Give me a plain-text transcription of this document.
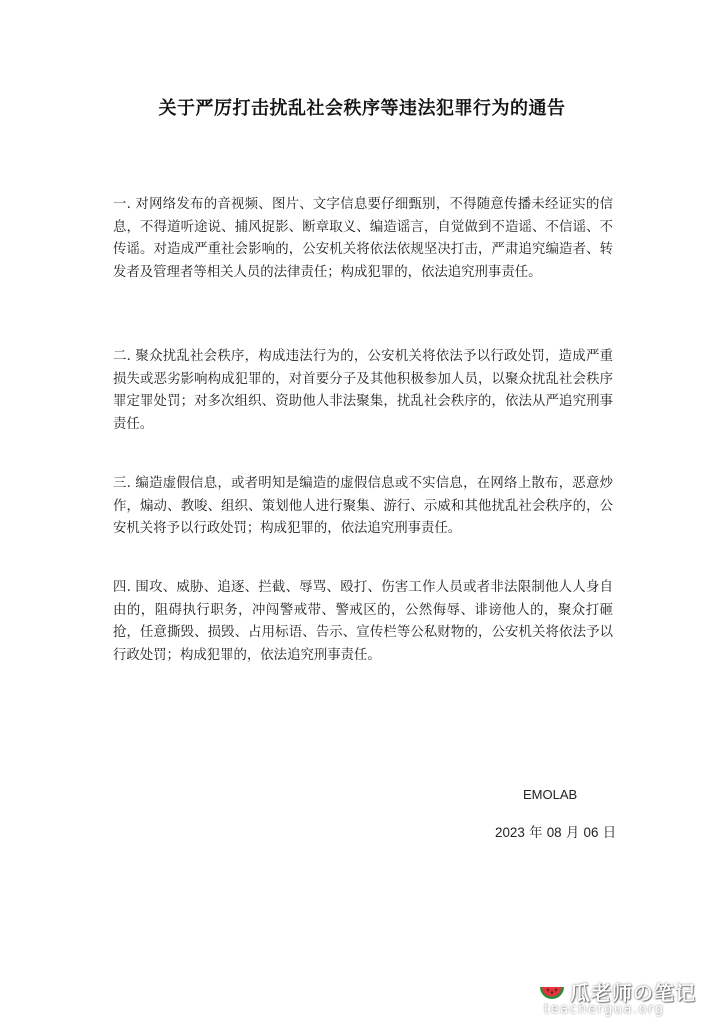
关于严厉打击扰乱社会秩序等违法犯罪行为的通告
一. 对网络发布的音视频、图片、文字信息要仔细甄别，不得随意传播未经证实的信息，不得道听途说、捕风捉影、断章取义、编造谣言，自觉做到不造谣、不信谣、不传谣。对造成严重社会影响的，公安机关将依法依规坚决打击，严肃追究编造者、转发者及管理者等相关人员的法律责任；构成犯罪的，依法追究刑事责任。
二. 聚众扰乱社会秩序，构成违法行为的，公安机关将依法予以行政处罚，造成严重损失或恶劣影响构成犯罪的，对首要分子及其他积极参加人员，以聚众扰乱社会秩序罪定罪处罚；对多次组织、资助他人非法聚集，扰乱社会秩序的，依法从严追究刑事责任。
三. 编造虚假信息，或者明知是编造的虚假信息或不实信息，在网络上散布，恶意炒作，煽动、教唆、组织、策划他人进行聚集、游行、示威和其他扰乱社会秩序的，公安机关将予以行政处罚；构成犯罪的，依法追究刑事责任。
四. 围攻、威胁、追逐、拦截、辱骂、殴打、伤害工作人员或者非法限制他人人身自由的，阻碍执行职务，冲闯警戒带、警戒区的，公然侮辱、诽谤他人的，聚众打砸抢，任意撕毁、损毁、占用标语、告示、宣传栏等公私财物的，公安机关将依法予以行政处罚；构成犯罪的，依法追究刑事责任。
EMOLAB
2023 年 08 月 06 日
瓜老师の笔记
teachergua.org
